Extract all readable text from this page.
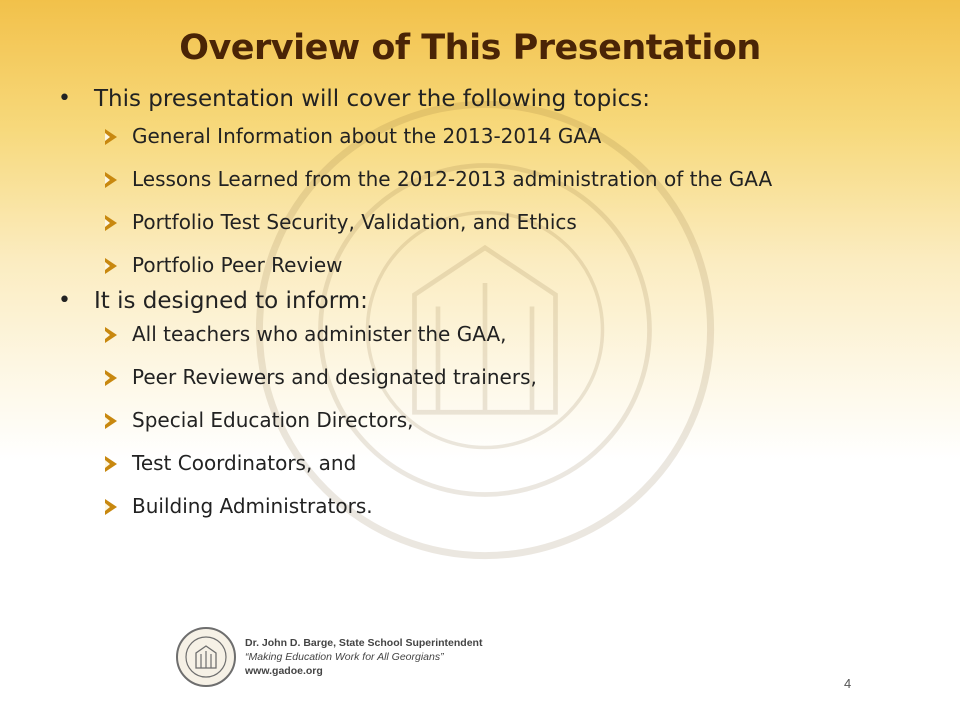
Overview of This Presentation
• This presentation will cover the following topics:
General Information about the 2013-2014 GAA
Lessons Learned from the 2012-2013 administration of the GAA
Portfolio Test Security, Validation, and Ethics
Portfolio Peer Review
• It is designed to inform:
All teachers who administer the GAA,
Peer Reviewers and designated trainers,
Special Education Directors,
Test Coordinators, and
Building Administrators.
Dr. John D. Barge, State School Superintendent
“Making Education Work for All Georgians”
www.gadoe.org
4
